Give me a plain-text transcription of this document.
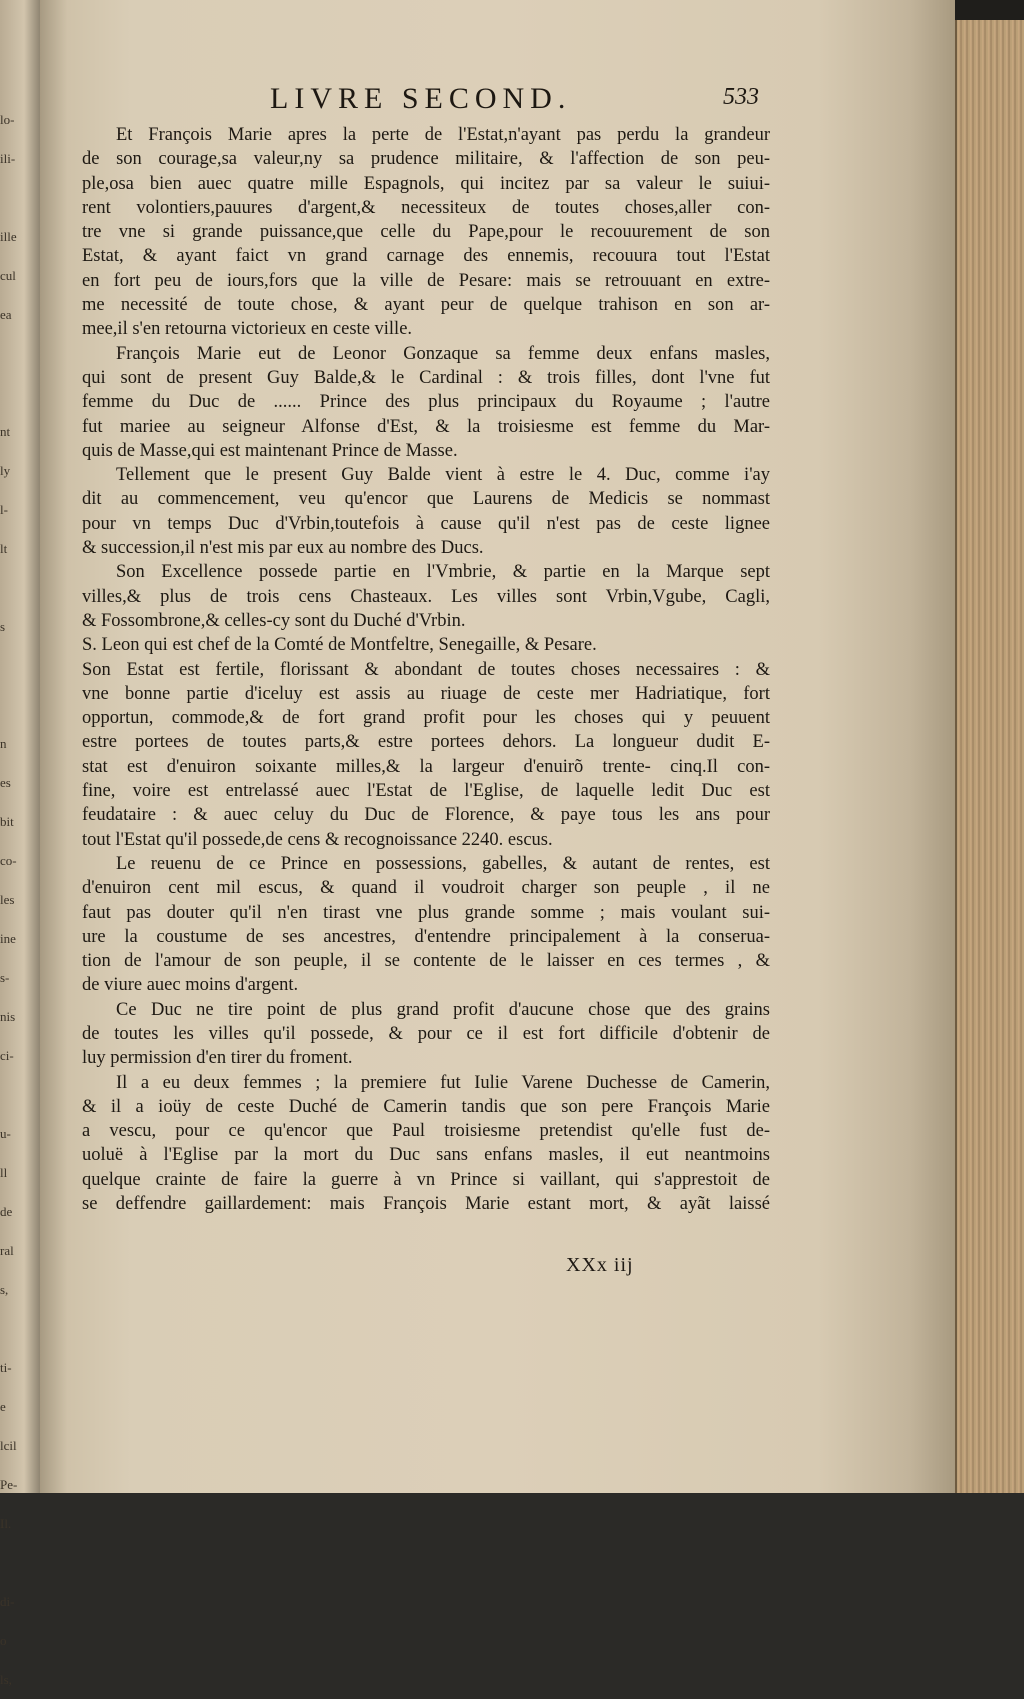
lo-
ili-
ille
cul
ea
nt
ly
l-
lt
s
n
es
bit
co-
les
ine
s-
nis
ci-
u-
ll
de
ral
s,
ti-
e
lcil
Pe-
Il.
di-
o
ls,
LIVRE SECOND.	533
Et François Marie apres la perte de l'Estat,n'ayant pas perdu la grandeur
de son courage,sa valeur,ny sa prudence militaire, & l'affection de son peu-
ple,osa bien auec quatre mille Espagnols, qui incitez par sa valeur le suiui-
rent volontiers,pauures d'argent,& necessiteux de toutes choses,aller con-
tre vne si grande puissance,que celle du Pape,pour le recouurement de son
Estat, & ayant faict vn grand carnage des ennemis, recouura tout l'Estat
en fort peu de iours,fors que la ville de Pesare: mais se retrouuant en extre-
me necessité de toute chose, & ayant peur de quelque trahison en son ar-
mee,il s'en retourna victorieux en ceste ville.
François Marie eut de Leonor Gonzaque sa femme deux enfans masles,
qui sont de present Guy Balde,& le Cardinal : & trois filles, dont l'vne fut
femme du Duc de ...... Prince des plus principaux du Royaume ; l'autre
fut mariee au seigneur Alfonse d'Est, & la troisiesme est femme du Mar-
quis de Masse,qui est maintenant Prince de Masse.
Tellement que le present Guy Balde vient à estre le 4. Duc, comme i'ay
dit au commencement, veu qu'encor que Laurens de Medicis se nommast
pour vn temps Duc d'Vrbin,toutefois à cause qu'il n'est pas de ceste lignee
& succession,il n'est mis par eux au nombre des Ducs.
Son Excellence possede partie en l'Vmbrie, & partie en la Marque sept
villes,& plus de trois cens Chasteaux. Les villes sont Vrbin,Vgube, Cagli,
& Fossombrone,& celles-cy sont du Duché d'Vrbin.
S. Leon qui est chef de la Comté de Montfeltre, Senegaille, & Pesare.
Son Estat est fertile, florissant & abondant de toutes choses necessaires : &
vne bonne partie d'iceluy est assis au riuage de ceste mer Hadriatique, fort
opportun, commode,& de fort grand profit pour les choses qui y peuuent
estre portees de toutes parts,& estre portees dehors. La longueur dudit E-
stat est d'enuiron soixante milles,& la largeur d'enuirõ trente- cinq.Il con-
fine, voire est entrelassé auec l'Estat de l'Eglise, de laquelle ledit Duc est
feudataire : & auec celuy du Duc de Florence, & paye tous les ans pour
tout l'Estat qu'il possede,de cens & recognoissance 2240. escus.
Le reuenu de ce Prince en possessions, gabelles, & autant de rentes, est
d'enuiron cent mil escus, & quand il voudroit charger son peuple , il ne
faut pas douter qu'il n'en tirast vne plus grande somme ; mais voulant sui-
ure la coustume de ses ancestres, d'entendre principalement à la conserua-
tion de l'amour de son peuple, il se contente de le laisser en ces termes , &
de viure auec moins d'argent.
Ce Duc ne tire point de plus grand profit d'aucune chose que des grains
de toutes les villes qu'il possede, & pour ce il est fort difficile d'obtenir de
luy permission d'en tirer du froment.
Il a eu deux femmes ; la premiere fut Iulie Varene Duchesse de Camerin,
& il a ioüy de ceste Duché de Camerin tandis que son pere François Marie
a vescu, pour ce qu'encor que Paul troisiesme pretendist qu'elle fust de-
uoluë à l'Eglise par la mort du Duc sans enfans masles, il eut neantmoins
quelque crainte de faire la guerre à vn Prince si vaillant, qui s'apprestoit de
se deffendre gaillardement: mais François Marie estant mort, & ayãt laissé
XXx iij
